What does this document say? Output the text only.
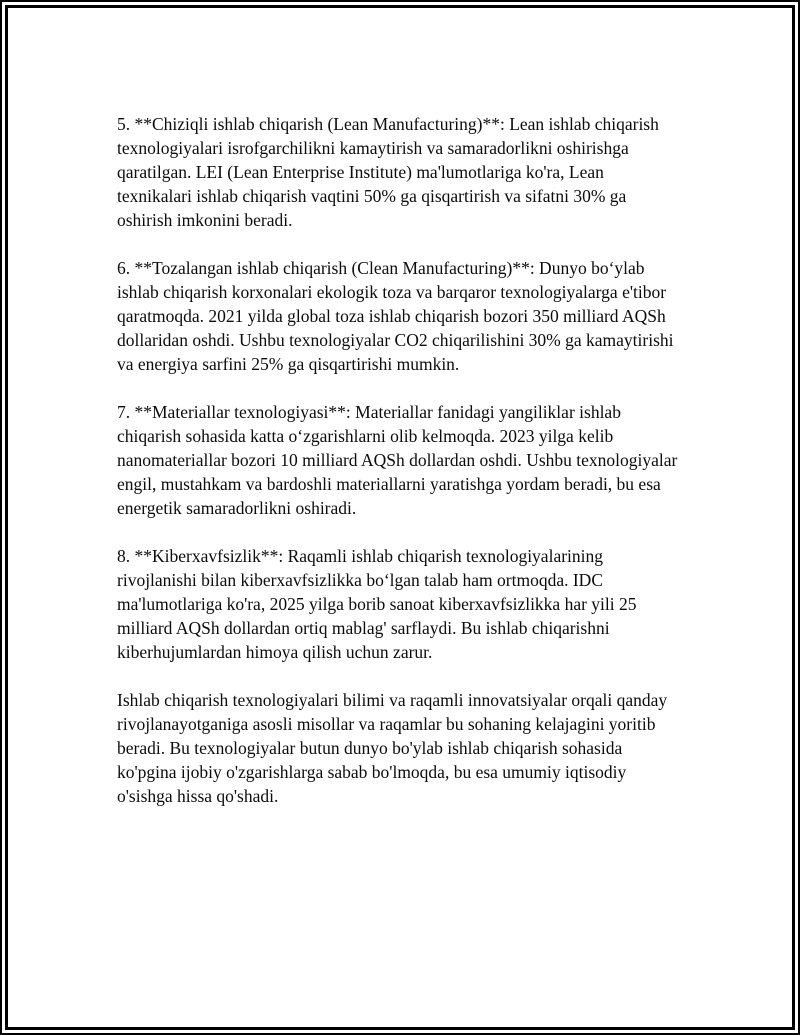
5. **Chiziqli ishlab chiqarish (Lean Manufacturing)**: Lean ishlab chiqarish texnologiyalari isrofgarchilikni kamaytirish va samaradorlikni oshirishga qaratilgan. LEI (Lean Enterprise Institute) ma'lumotlariga ko'ra, Lean texnikalari ishlab chiqarish vaqtini 50% ga qisqartirish va sifatni 30% ga oshirish imkonini beradi.

6. **Tozalangan ishlab chiqarish (Clean Manufacturing)**: Dunyo boʻylab ishlab chiqarish korxonalari ekologik toza va barqaror texnologiyalarga e'tibor qaratmoqda. 2021 yilda global toza ishlab chiqarish bozori 350 milliard AQSh dollaridan oshdi. Ushbu texnologiyalar CO2 chiqarilishini 30% ga kamaytirishi va energiya sarfini 25% ga qisqartirishi mumkin.

7. **Materiallar texnologiyasi**: Materiallar fanidagi yangiliklar ishlab chiqarish sohasida katta oʻzgarishlarni olib kelmoqda. 2023 yilga kelib nanomateriallar bozori 10 milliard AQSh dollardan oshdi. Ushbu texnologiyalar engil, mustahkam va bardoshli materiallarni yaratishga yordam beradi, bu esa energetik samaradorlikni oshiradi.

8. **Kiberxavfsizlik**: Raqamli ishlab chiqarish texnologiyalarining rivojlanishi bilan kiberxavfsizlikka boʻlgan talab ham ortmoqda. IDC ma'lumotlariga ko'ra, 2025 yilga borib sanoat kiberxavfsizlikka har yili 25 milliard AQSh dollardan ortiq mablag' sarflaydi. Bu ishlab chiqarishni kiberhujumlardan himoya qilish uchun zarur.

Ishlab chiqarish texnologiyalari bilimi va raqamli innovatsiyalar orqali qanday rivojlanayotganiga asosli misollar va raqamlar bu sohaning kelajagini yoritib beradi. Bu texnologiyalar butun dunyo bo'ylab ishlab chiqarish sohasida ko'pgina ijobiy o'zgarishlarga sabab bo'lmoqda, bu esa umumiy iqtisodiy o'sishga hissa qo'shadi.
